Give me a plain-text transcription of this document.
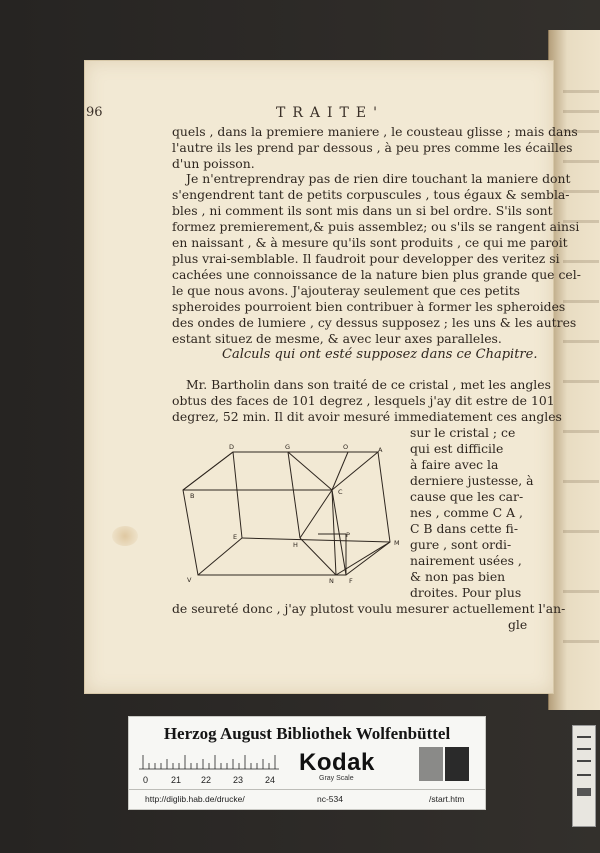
96	TRAITE'
quels , dans la premiere maniere , le cousteau glisse ; mais dans
l'autre ils les prend par dessous , à peu pres comme les écailles
d'un poisson.
Je n'entreprendray pas de rien dire touchant la maniere dont
s'engendrent tant de petits corpuscules , tous égaux & sembla-
bles , ni comment ils sont mis dans un si bel ordre. S'ils sont
formez premierement,& puis assemblez; ou s'ils se rangent ainsi
en naissant , & à mesure qu'ils sont produits , ce qui me paroit
plus vrai-semblable. Il faudroit pour developper des veritez si
cachées une connoissance de la nature bien plus grande que cel-
le que nous avons. J'ajouteray seulement que ces petits
spheroides pourroient bien contribuer à former les spheroides
des ondes de lumiere , cy dessus supposez ; les uns & les autres
estant situez de mesme, & avec leur axes paralleles.
Calculs qui ont esté supposez dans ce Chapitre.
Mr. Bartholin dans son traité de ce cristal , met les angles
obtus des faces de 101 degrez , lesquels j'ay dit estre de 101
degrez, 52 min. Il dit avoir mesuré immediatement ces angles
sur le cristal ; ce
qui est difficile
à faire avec la
derniere justesse, à
cause que les car-
nes , comme C A ,
C B dans cette fi-
gure , sont ordi-
nairement usées ,
& non pas bien
droites. Pour plus
de seureté donc , j'ay plutost voulu mesurer actuellement l'an-
gle
D	G	O	A
B	C
E	P
H	M
V	N F
Herzog August Bibliothek Wolfenbüttel
0	21 22 23 24
Kodak
Gray Scale
http://diglib.hab.de/drucke/	nc-534	/start.htm
